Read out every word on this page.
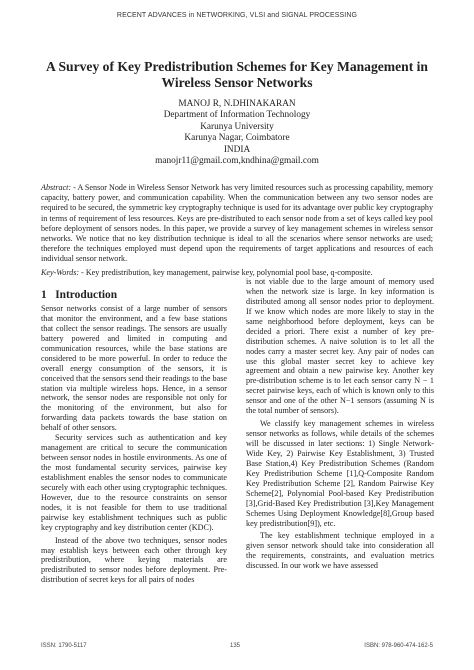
RECENT ADVANCES in NETWORKING, VLSI and SIGNAL PROCESSING
A Survey of Key Predistribution Schemes for Key Management in Wireless Sensor Networks
MANOJ R, N.DHINAKARAN
Department of Information Technology
Karunya University
Karunya Nagar, Coimbatore
INDIA
manojr11@gmail.com,kndhina@gmail.com
Abstract: - A Sensor Node in Wireless Sensor Network has very limited resources such as processing capability, memory capacity, battery power, and communication capability. When the communication between any two sensor nodes are required to be secured, the symmetric key cryptography technique is used for its advantage over public key cryptography in terms of requirement of less resources. Keys are pre-distributed to each sensor node from a set of keys called key pool before deployment of sensors nodes. In this paper, we provide a survey of key management schemes in wireless sensor networks. We notice that no key distribution technique is ideal to all the scenarios where sensor networks are used; therefore the techniques employed must depend upon the requirements of target applications and resources of each individual sensor network.
Key-Words: - Key predistribution, key management, pairwise key, polynomial pool base, q-composite.
1 Introduction

Sensor networks consist of a large number of sensors that monitor the environment, and a few base stations that collect the sensor readings. The sensors are usually battery powered and limited in computing and communication resources, while the base stations are considered to be more powerful. In order to reduce the overall energy consumption of the sensors, it is conceived that the sensors send their readings to the base station via multiple wireless hops. Hence, in a sensor network, the sensor nodes are responsible not only for the monitoring of the environment, but also for forwarding data packets towards the base station on behalf of other sensors.

Security services such as authentication and key management are critical to secure the communication between sensor nodes in hostile environments. As one of the most fundamental security services, pairwise key establishment enables the sensor nodes to communicate securely with each other using cryptographic techniques. However, due to the resource constraints on sensor nodes, it is not feasible for them to use traditional pairwise key establishment techniques such as public key cryptography and key distribution center (KDC).

Instead of the above two techniques, sensor nodes may establish keys between each other through key predistribution, where keying materials are predistributed to sensor nodes before deployment. Pre-distribution of secret keys for all pairs of nodes

is not viable due to the large amount of memory used when the network size is large. In key information is distributed among all sensor nodes prior to deployment. If we know which nodes are more likely to stay in the same neighborhood before deployment, keys can be decided a priori. There exist a number of key pre-distribution schemes. A naive solution is to let all the nodes carry a master secret key. Any pair of nodes can use this global master secret key to achieve key agreement and obtain a new pairwise key. Another key pre-distribution scheme is to let each sensor carry N − 1 secret pairwise keys, each of which is known only to this sensor and one of the other N−1 sensors (assuming N is the total number of sensors).

We classify key management schemes in wireless sensor networks as follows, while details of the schemes will be discussed in later sections: 1) Single Network-Wide Key, 2) Pairwise Key Establishment, 3) Trusted Base Station,4) Key Predistribution Schemes (Random Key Predistribution Scheme [1],Q-Composite Random Key Predistribution Scheme [2], Random Pairwise Key Scheme[2], Polynomial Pool-based Key Predistribution [3],Grid-Based Key Predistribution [3],Key Management Schemes Using Deployment Knowledge[8],Group based key predistribution[9]), etc.

The key establishment technique employed in a given sensor network should take into consideration all the requirements, constraints, and evaluation metrics discussed. In our work we have assessed

ISSN: 1790-5117	135	ISBN: 978-960-474-162-5
